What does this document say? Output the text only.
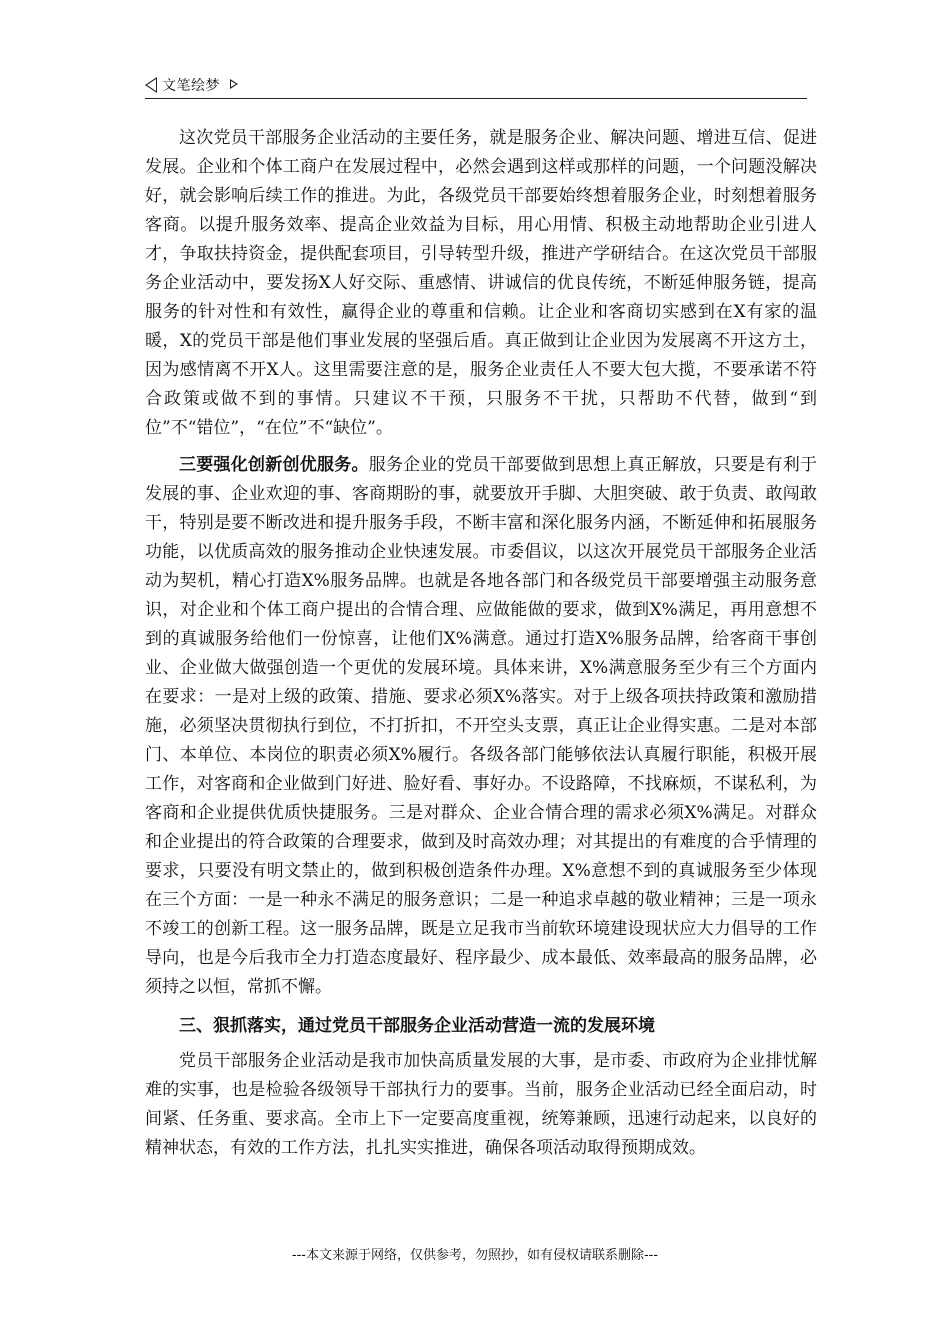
文笔绘梦

这次党员干部服务企业活动的主要任务，就是服务企业、解决问题、增进互信、促进发展。企业和个体工商户在发展过程中，必然会遇到这样或那样的问题，一个问题没解决好，就会影响后续工作的推进。为此，各级党员干部要始终想着服务企业，时刻想着服务客商。以提升服务效率、提高企业效益为目标，用心用情、积极主动地帮助企业引进人才，争取扶持资金，提供配套项目，引导转型升级，推进产学研结合。在这次党员干部服务企业活动中，要发扬X人好交际、重感情、讲诚信的优良传统，不断延伸服务链，提高服务的针对性和有效性，赢得企业的尊重和信赖。让企业和客商切实感到在X有家的温暖，X的党员干部是他们事业发展的坚强后盾。真正做到让企业因为发展离不开这方土，因为感情离不开X人。这里需要注意的是，服务企业责任人不要大包大揽，不要承诺不符合政策或做不到的事情。只建议不干预，只服务不干扰，只帮助不代替，做到“到位”不“错位”，“在位”不“缺位”。

三要强化创新创优服务。服务企业的党员干部要做到思想上真正解放，只要是有利于发展的事、企业欢迎的事、客商期盼的事，就要放开手脚、大胆突破、敢于负责、敢闯敢干，特别是要不断改进和提升服务手段，不断丰富和深化服务内涵，不断延伸和拓展服务功能，以优质高效的服务推动企业快速发展。市委倡议，以这次开展党员干部服务企业活动为契机，精心打造X%服务品牌。也就是各地各部门和各级党员干部要增强主动服务意识，对企业和个体工商户提出的合情合理、应做能做的要求，做到X%满足，再用意想不到的真诚服务给他们一份惊喜，让他们X%满意。通过打造X%服务品牌，给客商干事创业、企业做大做强创造一个更优的发展环境。具体来讲，X%满意服务至少有三个方面内在要求：一是对上级的政策、措施、要求必须X%落实。对于上级各项扶持政策和激励措施，必须坚决贯彻执行到位，不打折扣，不开空头支票，真正让企业得实惠。二是对本部门、本单位、本岗位的职责必须X%履行。各级各部门能够依法认真履行职能，积极开展工作，对客商和企业做到门好进、脸好看、事好办。不设路障，不找麻烦，不谋私利，为客商和企业提供优质快捷服务。三是对群众、企业合情合理的需求必须X%满足。对群众和企业提出的符合政策的合理要求，做到及时高效办理；对其提出的有难度的合乎情理的要求，只要没有明文禁止的，做到积极创造条件办理。X%意想不到的真诚服务至少体现在三个方面：一是一种永不满足的服务意识；二是一种追求卓越的敬业精神；三是一项永不竣工的创新工程。这一服务品牌，既是立足我市当前软环境建设现状应大力倡导的工作导向，也是今后我市全力打造态度最好、程序最少、成本最低、效率最高的服务品牌，必须持之以恒，常抓不懈。

三、狠抓落实，通过党员干部服务企业活动营造一流的发展环境

党员干部服务企业活动是我市加快高质量发展的大事，是市委、市政府为企业排忧解难的实事，也是检验各级领导干部执行力的要事。当前，服务企业活动已经全面启动，时间紧、任务重、要求高。全市上下一定要高度重视，统筹兼顾，迅速行动起来，以良好的精神状态，有效的工作方法，扎扎实实推进，确保各项活动取得预期成效。

---本文来源于网络，仅供参考，勿照抄，如有侵权请联系删除---
